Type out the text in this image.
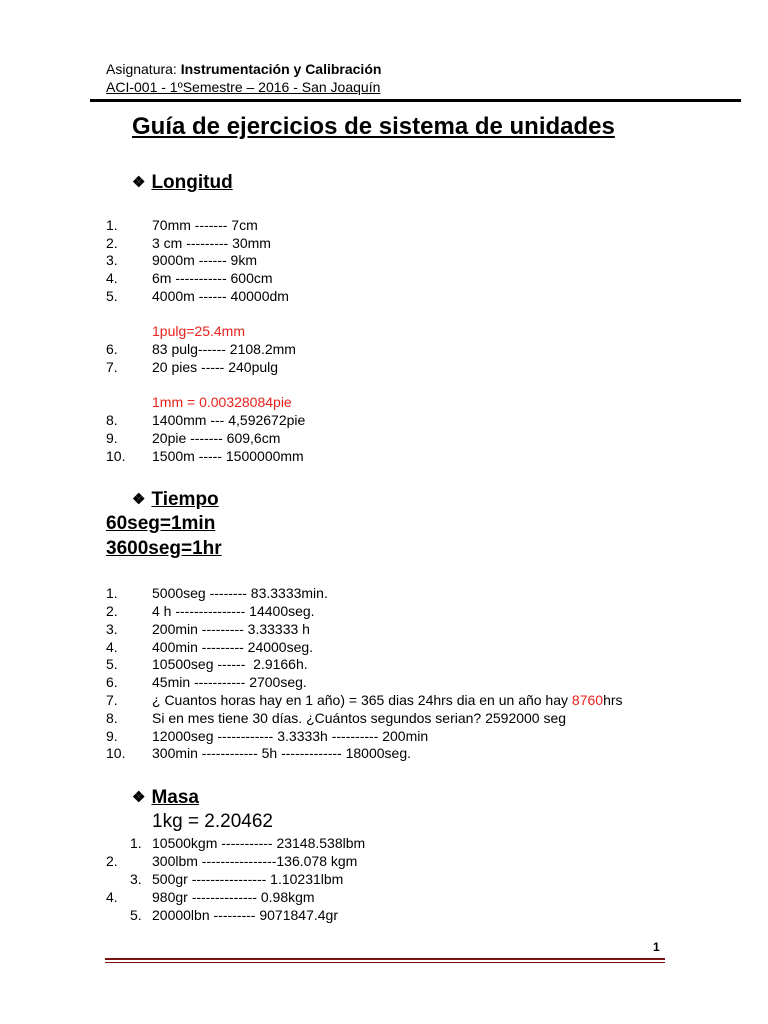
Asignatura: Instrumentación y Calibración
ACI-001 - 1ºSemestre – 2016 - San Joaquín
Guía de ejercicios de sistema de unidades
❖ Longitud
1. 70mm ------- 7cm
2. 3 cm --------- 30mm
3. 9000m ------ 9km
4. 6m ----------- 600cm
5. 4000m ------ 40000dm
1pulg=25.4mm
6. 83 pulg------ 2108.2mm
7. 20 pies ----- 240pulg
1mm = 0.00328084pie
8. 1400mm --- 4,592672pie
9. 20pie ------- 609,6cm
10. 1500m ----- 1500000mm
❖ Tiempo
60seg=1min
3600seg=1hr
1. 5000seg -------- 83.3333min.
2. 4 h --------------- 14400seg.
3. 200min --------- 3.33333 h
4. 400min --------- 24000seg.
5. 10500seg ------  2.9166h.
6. 45min ----------- 2700seg.
7. ¿ Cuantos horas hay en 1 año) = 365 dias 24hrs dia en un año hay 8760hrs
8. Si en mes tiene 30 días. ¿Cuántos segundos serian? 2592000 seg
9. 12000seg ------------ 3.3333h ---------- 200min
10. 300min ------------ 5h ------------- 18000seg.
❖ Masa
1kg = 2.20462
1. 10500kgm ----------- 23148.538lbm
2. 300lbm ----------------136.078 kgm
3. 500gr ---------------- 1.10231lbm
4. 980gr -------------- 0.98kgm
5. 20000lbn --------- 9071847.4gr
1
